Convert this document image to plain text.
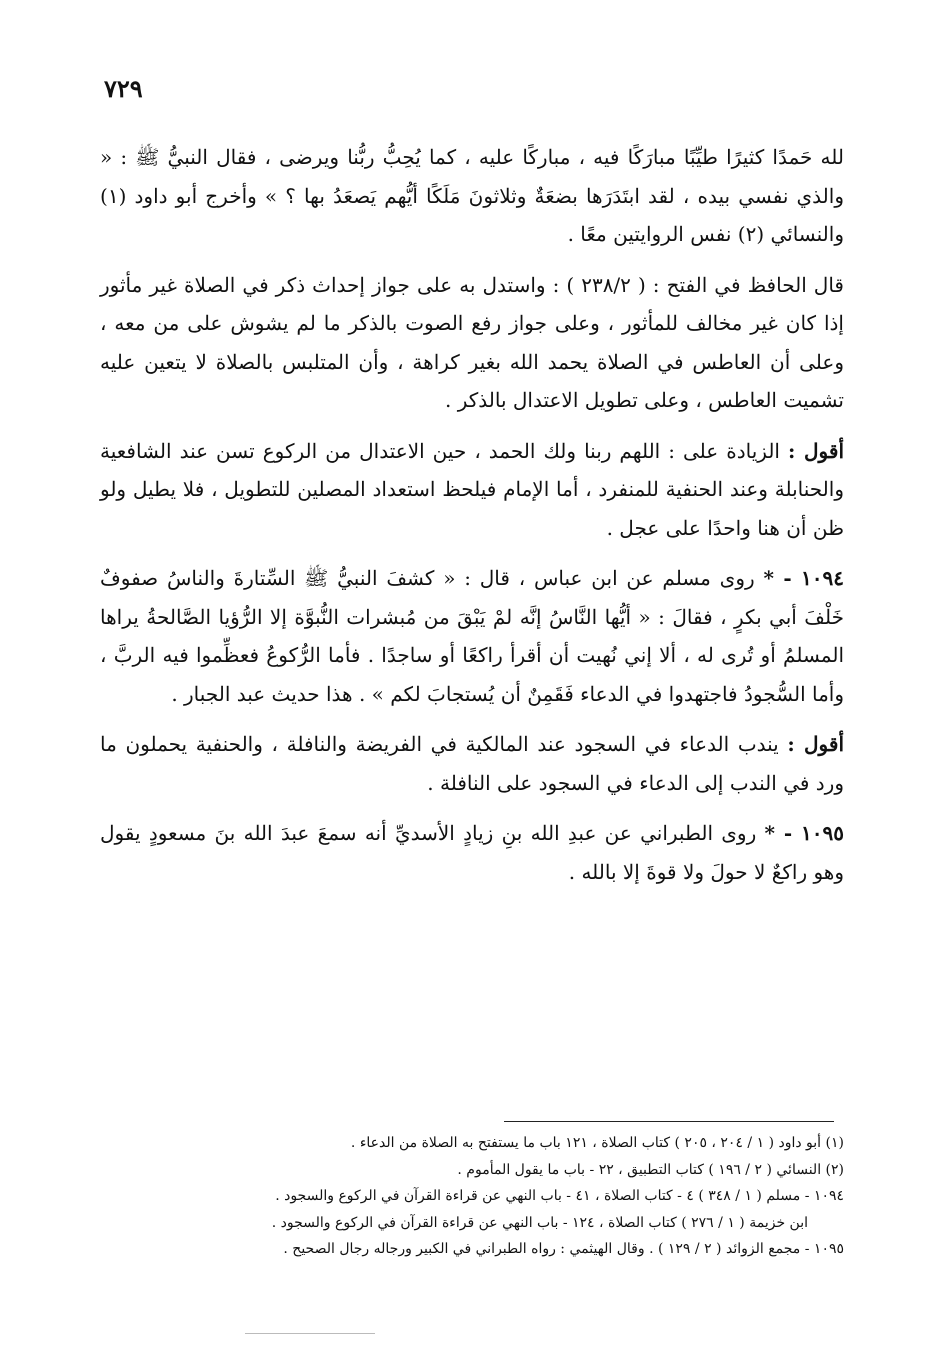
٧٢٩

لله حَمدًا كثيرًا طيِّبًا مبارَكًا فيه ، مباركًا عليه ، كما يُحِبُّ ربُّنا ويرضى ، فقال النبيُّ ﷺ : « والذي نفسي بيده ، لقد ابتَدَرَها بضعَةٌ وثلاثونَ مَلَكًا أيُّهم يَصعَدُ بها ؟ » وأخرج أبو داود (١) والنسائي (٢) نفس الروايتين معًا .

قال الحافظ في الفتح : ( ٢٣٨/٢ ) : واستدل به على جواز إحداث ذكر في الصلاة غير مأثور إذا كان غير مخالف للمأثور ، وعلى جواز رفع الصوت بالذكر ما لم يشوش على من معه ، وعلى أن العاطس في الصلاة يحمد الله بغير كراهة ، وأن المتلبس بالصلاة لا يتعين عليه تشميت العاطس ، وعلى تطويل الاعتدال بالذكر .

أقول : الزيادة على : اللهم ربنا ولك الحمد ، حين الاعتدال من الركوع تسن عند الشافعية والحنابلة وعند الحنفية للمنفرد ، أما الإمام فيلحظ استعداد المصلين للتطويل ، فلا يطيل ولو ظن أن هنا واحدًا على عجل .

١٠٩٤ - * روى مسلم عن ابن عباس ، قال : « كشفَ النبيُّ ﷺ السِّتارةَ والناسُ صفوفٌ خَلْفَ أبي بكرٍ ، فقالَ : « أيُّها النَّاسُ إنَّه لمْ يَبْقَ من مُبشرات النُّبوَّة إلا الرُّؤيا الصَّالحةُ يراها المسلمُ أو تُرى له ، ألا إني نُهيت أن أقرأ راكعًا أو ساجدًا . فأما الرُّكوعُ فعظِّموا فيه الربَّ ، وأما السُّجودُ فاجتهدوا في الدعاء فَقَمِنٌ أن يُستجابَ لكم » . هذا حديث عبد الجبار .

أقول : يندب الدعاء في السجود عند المالكية في الفريضة والنافلة ، والحنفية يحملون ما ورد في الندب إلى الدعاء في السجود على النافلة .

١٠٩٥ - * روى الطبراني عن عبدِ الله بنِ زيادٍ الأسديِّ أنه سمعَ عبدَ الله بنَ مسعودٍ يقول وهو راكعٌ لا حولَ ولا قوةَ إلا بالله .

(١) أبو داود ( ١ / ٢٠٤ ، ٢٠٥ ) كتاب الصلاة ، ١٢١ باب ما يستفتح به الصلاة من الدعاء .
(٢) النسائي ( ٢ / ١٩٦ ) كتاب التطبيق ، ٢٢ - باب ما يقول المأموم .
١٠٩٤ - مسلم ( ١ / ٣٤٨ ) ٤ - كتاب الصلاة ، ٤١ - باب النهي عن قراءة القرآن في الركوع والسجود .
ابن خزيمة ( ١ / ٢٧٦ ) كتاب الصلاة ، ١٢٤ - باب النهي عن قراءة القرآن في الركوع والسجود .
١٠٩٥ - مجمع الزوائد ( ٢ / ١٢٩ ) . وقال الهيثمي : رواه الطبراني في الكبير ورجاله رجال الصحيح .
